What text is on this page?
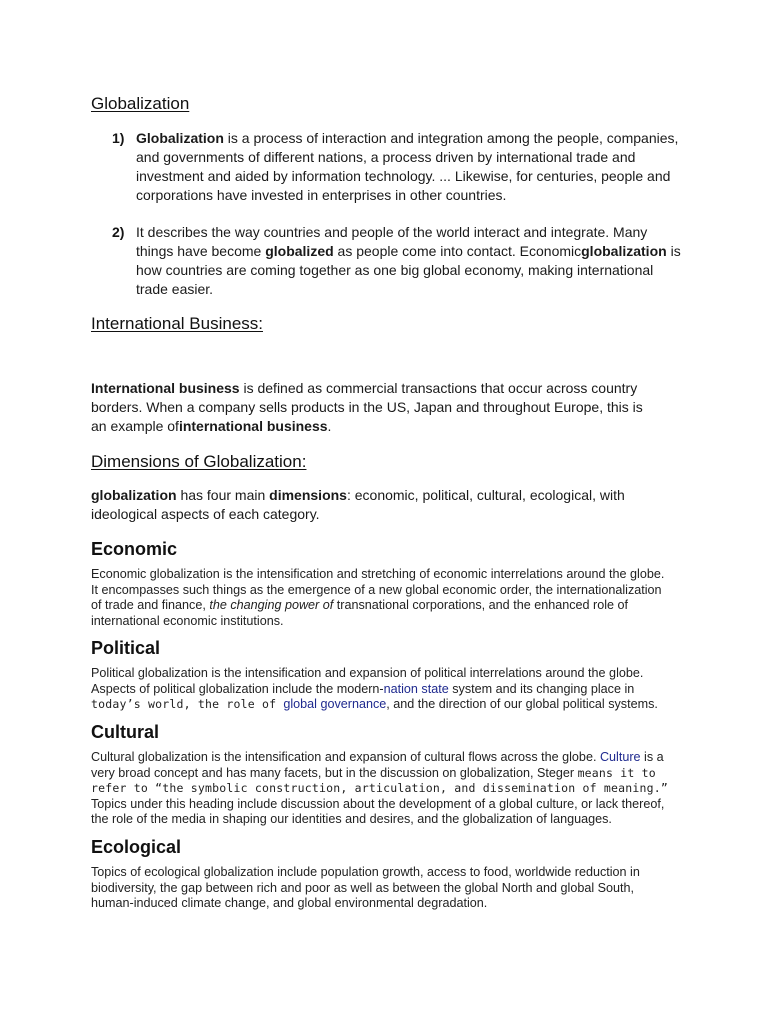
Globalization
1) Globalization is a process of interaction and integration among the people, companies, and governments of different nations, a process driven by international trade and investment and aided by information technology. ... Likewise, for centuries, people and corporations have invested in enterprises in other countries.

2) It describes the way countries and people of the world interact and integrate. Many things have become globalized as people come into contact. Economicglobalization is how countries are coming together as one big global economy, making international trade easier.

International Business:

International business is defined as commercial transactions that occur across country borders. When a company sells products in the US, Japan and throughout Europe, this is an example ofinternational business.

Dimensions of Globalization:

globalization has four main dimensions: economic, political, cultural, ecological, with ideological aspects of each category.

Economic

Economic globalization is the intensification and stretching of economic interrelations around the globe. It encompasses such things as the emergence of a new global economic order, the internationalization of trade and finance, the changing power of transnational corporations, and the enhanced role of international economic institutions.

Political

Political globalization is the intensification and expansion of political interrelations around the globe. Aspects of political globalization include the modern-nation state system and its changing place in today’s world, the role of global governance, and the direction of our global political systems.

Cultural

Cultural globalization is the intensification and expansion of cultural flows across the globe. Culture is a very broad concept and has many facets, but in the discussion on globalization, Steger means it to refer to “the symbolic construction, articulation, and dissemination of meaning.” Topics under this heading include discussion about the development of a global culture, or lack thereof, the role of the media in shaping our identities and desires, and the globalization of languages.

Ecological

Topics of ecological globalization include population growth, access to food, worldwide reduction in biodiversity, the gap between rich and poor as well as between the global North and global South, human-induced climate change, and global environmental degradation.
